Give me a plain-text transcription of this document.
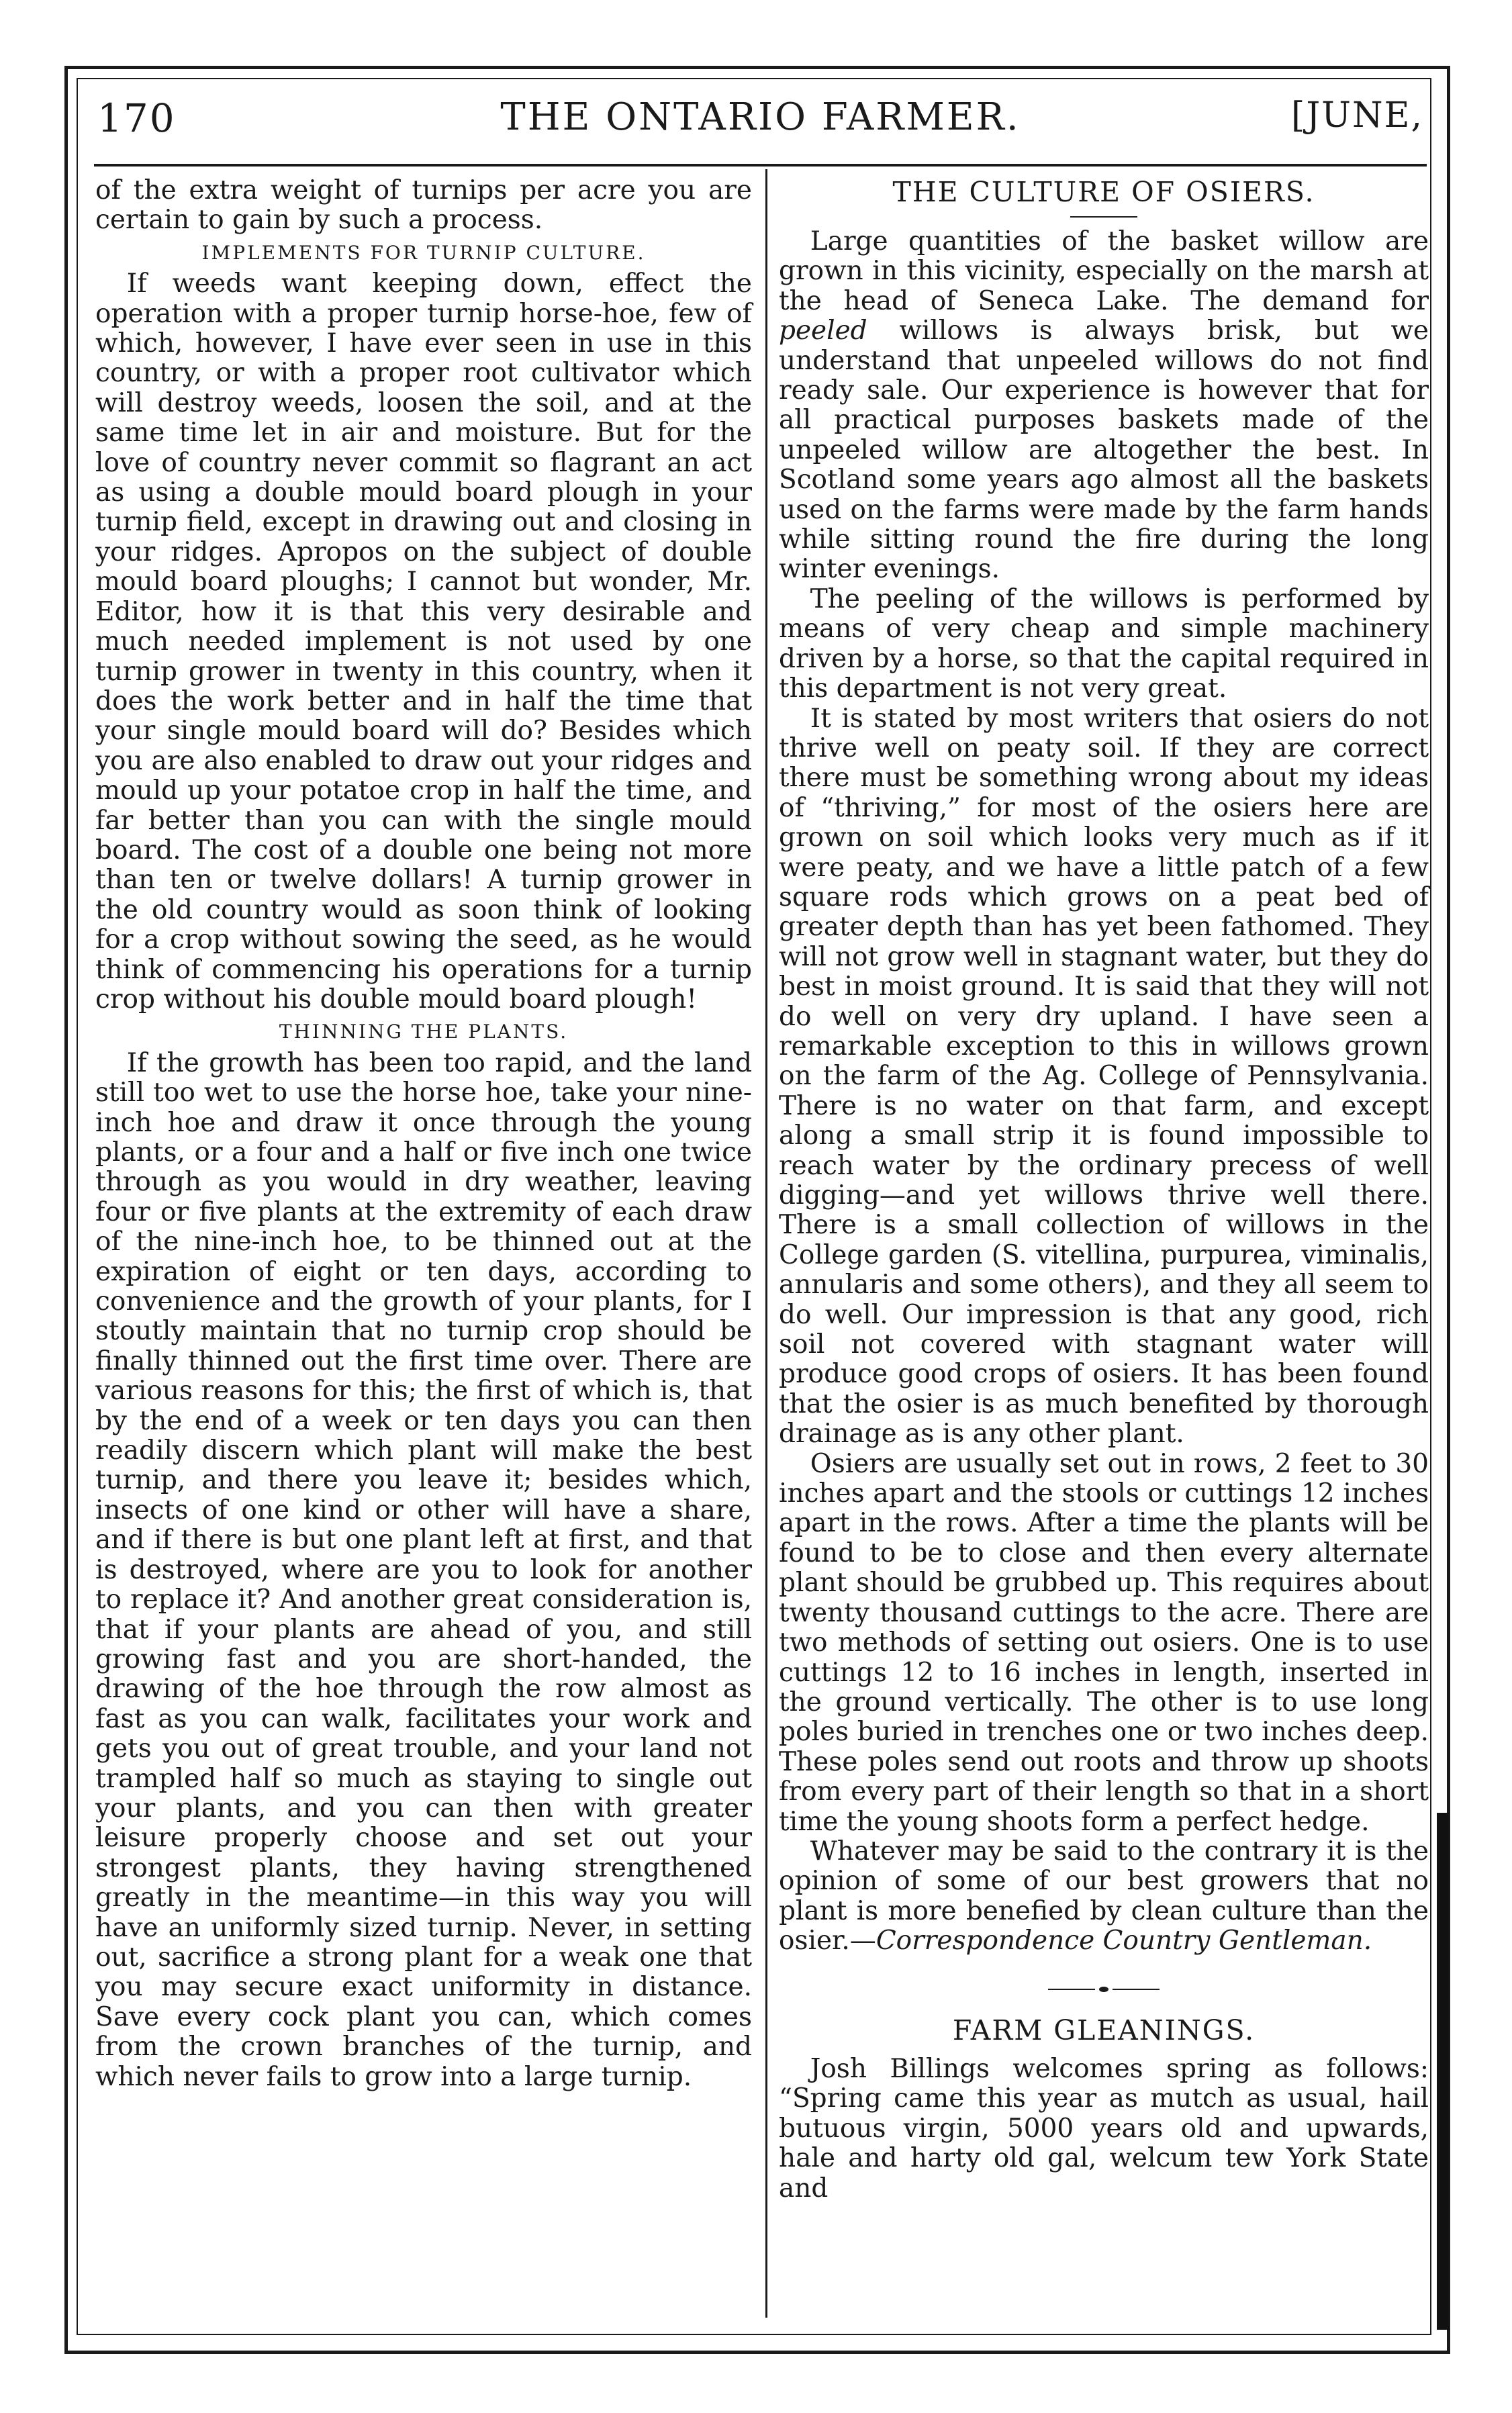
170	THE ONTARIO FARMER.	[JUNE,

of the extra weight of turnips per acre you are certain to gain by such a process.

IMPLEMENTS FOR TURNIP CULTURE.

If weeds want keeping down, effect the operation with a proper turnip horse-hoe, few of which, however, I have ever seen in use in this country, or with a proper root cultivator which will destroy weeds, loosen the soil, and at the same time let in air and moisture. But for the love of country never commit so flagrant an act as using a double mould board plough in your turnip field, except in drawing out and closing in your ridges. Apropos on the subject of double mould board ploughs; I cannot but wonder, Mr. Editor, how it is that this very desirable and much needed implement is not used by one turnip grower in twenty in this country, when it does the work better and in half the time that your single mould board will do? Besides which you are also enabled to draw out your ridges and mould up your potatoe crop in half the time, and far better than you can with the single mould board. The cost of a double one being not more than ten or twelve dollars! A turnip grower in the old country would as soon think of looking for a crop without sowing the seed, as he would think of commencing his operations for a turnip crop without his double mould board plough!

THINNING THE PLANTS.

If the growth has been too rapid, and the land still too wet to use the horse hoe, take your nine-inch hoe and draw it once through the young plants, or a four and a half or five inch one twice through as you would in dry weather, leaving four or five plants at the extremity of each draw of the nine-inch hoe, to be thinned out at the expiration of eight or ten days, according to convenience and the growth of your plants, for I stoutly maintain that no turnip crop should be finally thinned out the first time over. There are various reasons for this; the first of which is, that by the end of a week or ten days you can then readily discern which plant will make the best turnip, and there you leave it; besides which, insects of one kind or other will have a share, and if there is but one plant left at first, and that is destroyed, where are you to look for another to replace it? And another great consideration is, that if your plants are ahead of you, and still growing fast and you are short-handed, the drawing of the hoe through the row almost as fast as you can walk, facilitates your work and gets you out of great trouble, and your land not trampled half so much as staying to single out your plants, and you can then with greater leisure properly choose and set out your strongest plants, they having strengthened greatly in the meantime—in this way you will have an uniformly sized turnip. Never, in setting out, sacrifice a strong plant for a weak one that you may secure exact uniformity in distance. Save every cock plant you can, which comes from the crown branches of the turnip, and which never fails to grow into a large turnip.

THE CULTURE OF OSIERS.

Large quantities of the basket willow are grown in this vicinity, especially on the marsh at the head of Seneca Lake. The demand for peeled willows is always brisk, but we understand that unpeeled willows do not find ready sale. Our experience is however that for all practical purposes baskets made of the unpeeled willow are altogether the best. In Scotland some years ago almost all the baskets used on the farms were made by the farm hands while sitting round the fire during the long winter evenings.

The peeling of the willows is performed by means of very cheap and simple machinery driven by a horse, so that the capital required in this department is not very great.

It is stated by most writers that osiers do not thrive well on peaty soil. If they are correct there must be something wrong about my ideas of “thriving,” for most of the osiers here are grown on soil which looks very much as if it were peaty, and we have a little patch of a few square rods which grows on a peat bed of greater depth than has yet been fathomed. They will not grow well in stagnant water, but they do best in moist ground. It is said that they will not do well on very dry upland. I have seen a remarkable exception to this in willows grown on the farm of the Ag. College of Pennsylvania. There is no water on that farm, and except along a small strip it is found impossible to reach water by the ordinary precess of well digging—and yet willows thrive well there. There is a small collection of willows in the College garden (S. vitellina, purpurea, viminalis, annularis and some others), and they all seem to do well. Our impression is that any good, rich soil not covered with stagnant water will produce good crops of osiers. It has been found that the osier is as much benefited by thorough drainage as is any other plant.

Osiers are usually set out in rows, 2 feet to 30 inches apart and the stools or cuttings 12 inches apart in the rows. After a time the plants will be found to be to close and then every alternate plant should be grubbed up. This requires about twenty thousand cuttings to the acre. There are two methods of setting out osiers. One is to use cuttings 12 to 16 inches in length, inserted in the ground vertically. The other is to use long poles buried in trenches one or two inches deep. These poles send out roots and throw up shoots from every part of their length so that in a short time the young shoots form a perfect hedge.

Whatever may be said to the contrary it is the opinion of some of our best growers that no plant is more benefied by clean culture than the osier.—Correspondence Country Gentleman.

FARM GLEANINGS.

Josh Billings welcomes spring as follows: “Spring came this year as mutch as usual, hail butuous virgin, 5000 years old and upwards, hale and harty old gal, welcum tew York State and
